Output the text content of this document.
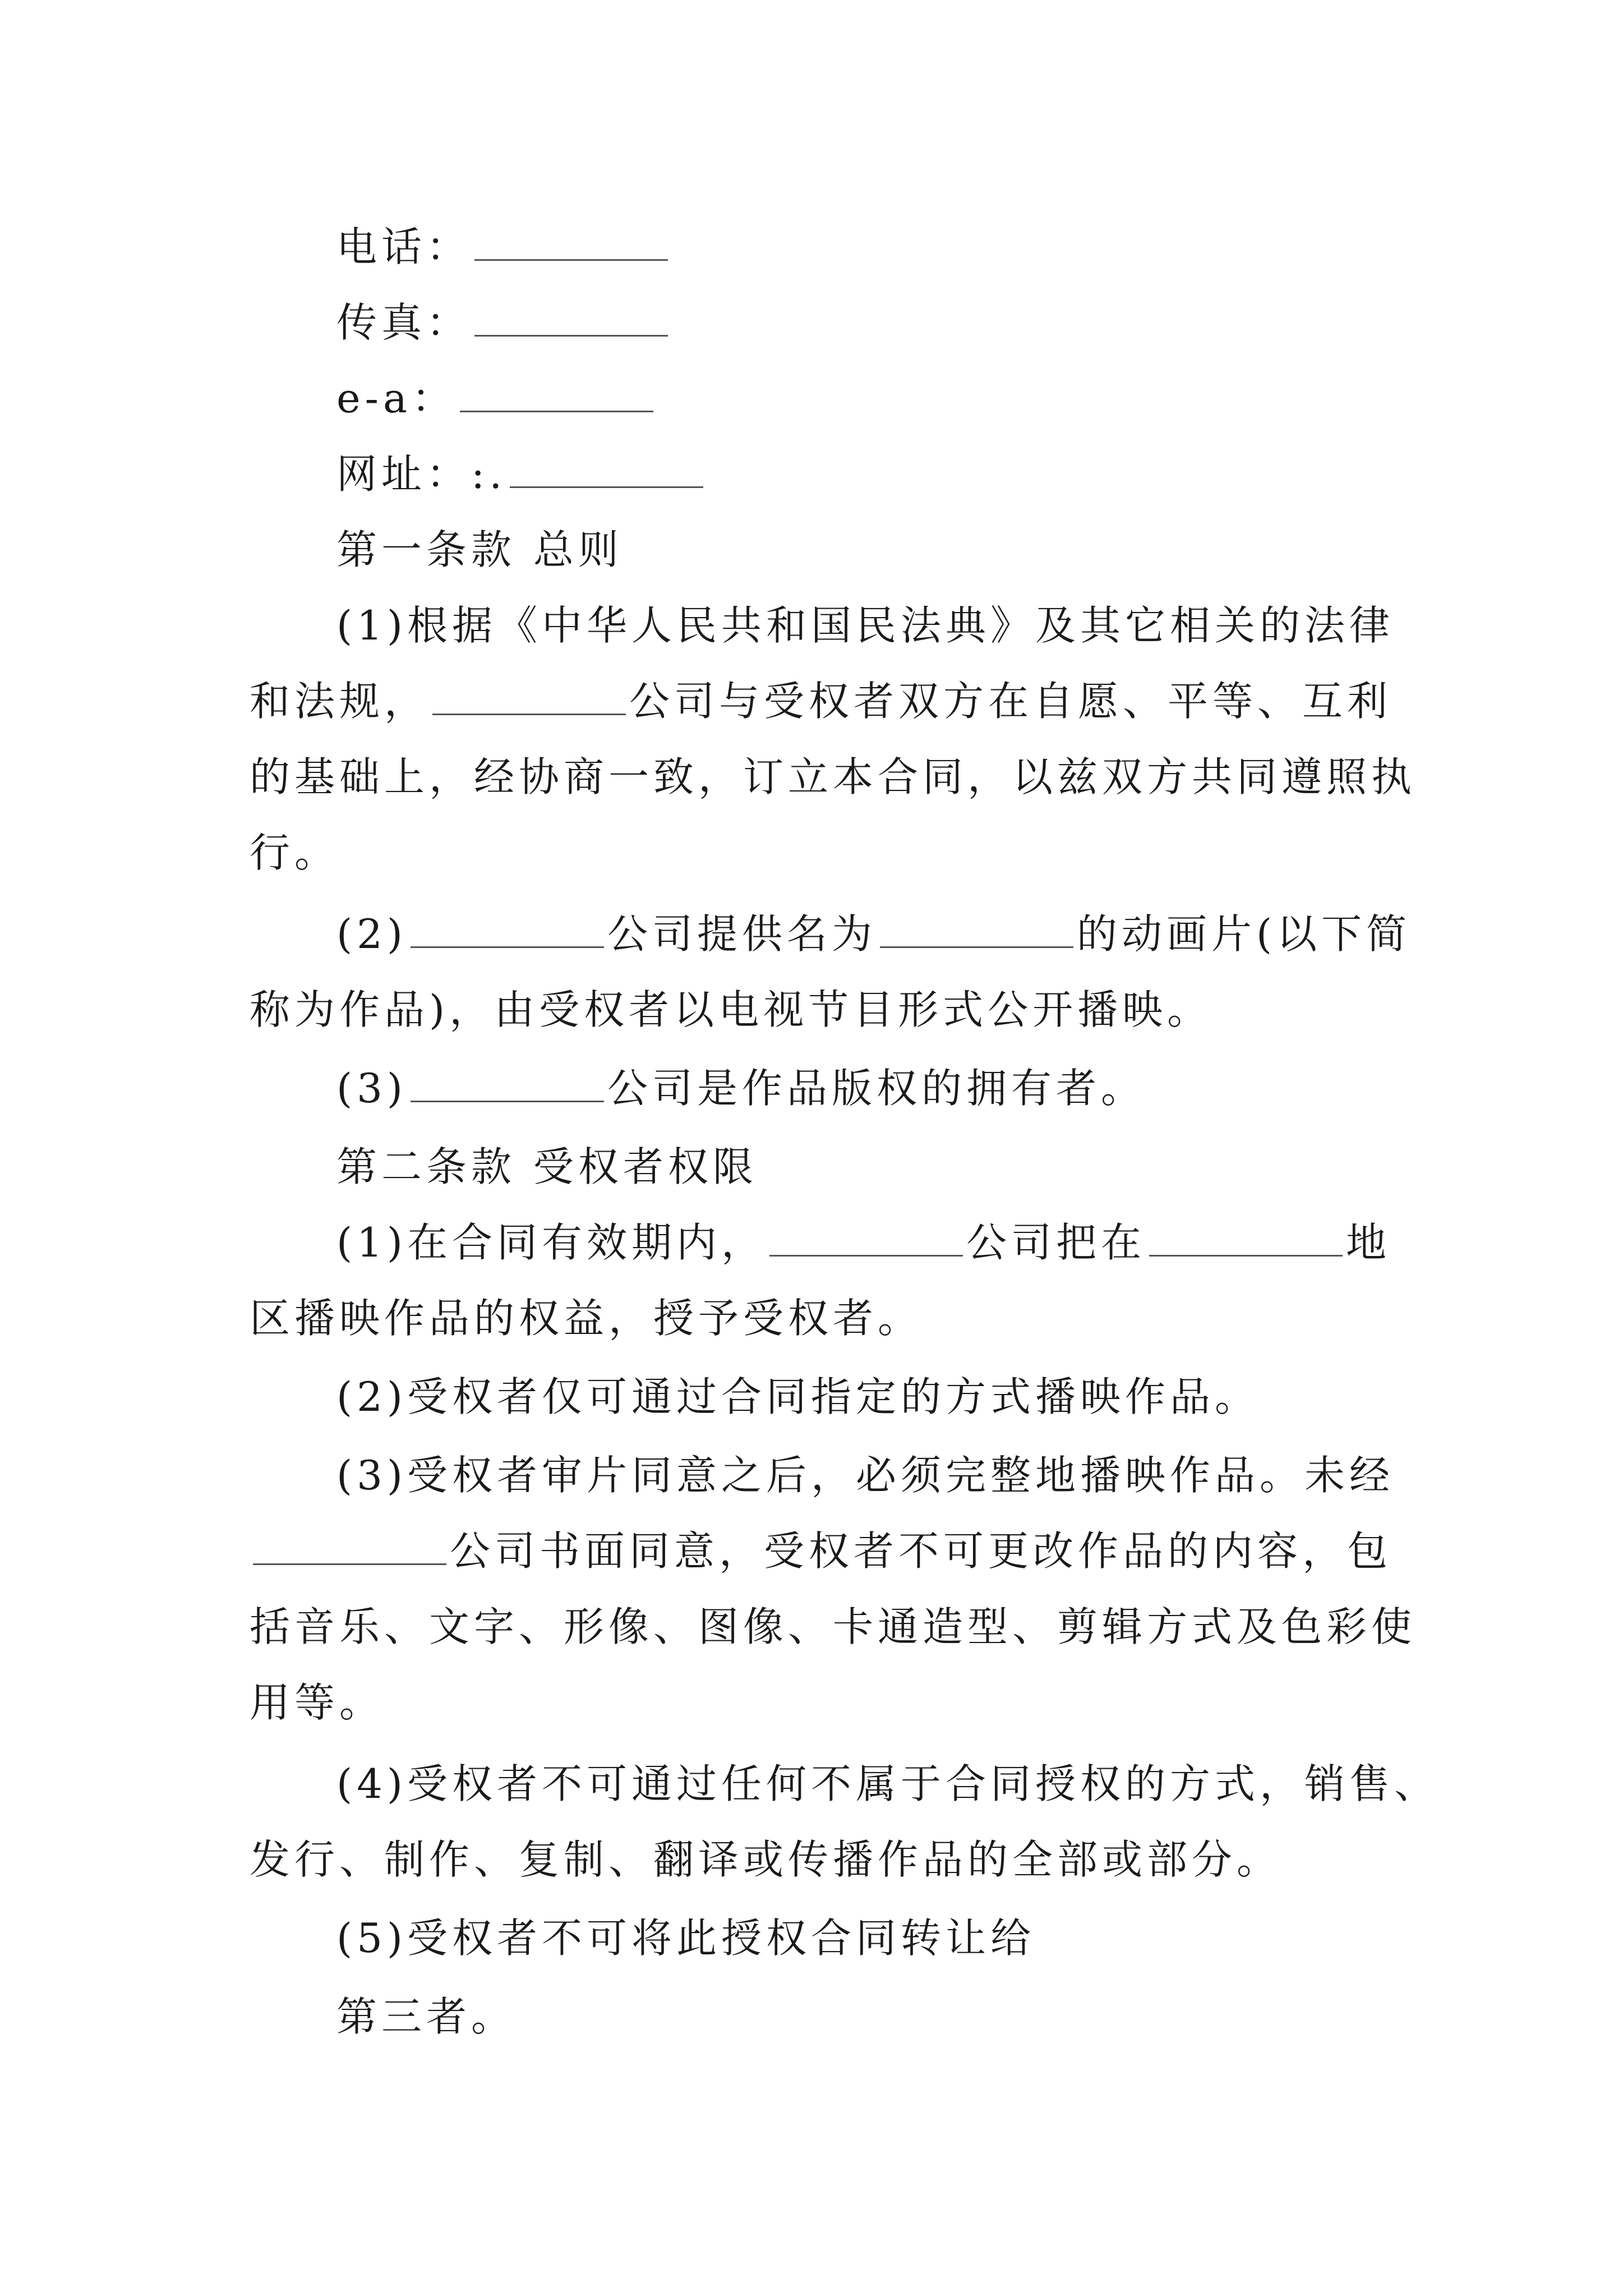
电话：
传真：
e-a：
网址：:.
第一条款 总则
(1)根据《中华人民共和国民法典》及其它相关的法律
和法规，	公司与受权者双方在自愿、平等、互利
的基础上，经协商一致，订立本合同，以兹双方共同遵照执
行。
(2)	公司提供名为	的动画片(以下简
称为作品)，由受权者以电视节目形式公开播映。
(3)	公司是作品版权的拥有者。
第二条款 受权者权限
(1)在合同有效期内，	公司把在	地
区播映作品的权益，授予受权者。
(2)受权者仅可通过合同指定的方式播映作品。
(3)受权者审片同意之后，必须完整地播映作品。未经
公司书面同意，受权者不可更改作品的内容，包
括音乐、文字、形像、图像、卡通造型、剪辑方式及色彩使
用等。
(4)受权者不可通过任何不属于合同授权的方式，销售、
发行、制作、复制、翻译或传播作品的全部或部分。
(5)受权者不可将此授权合同转让给
第三者。
